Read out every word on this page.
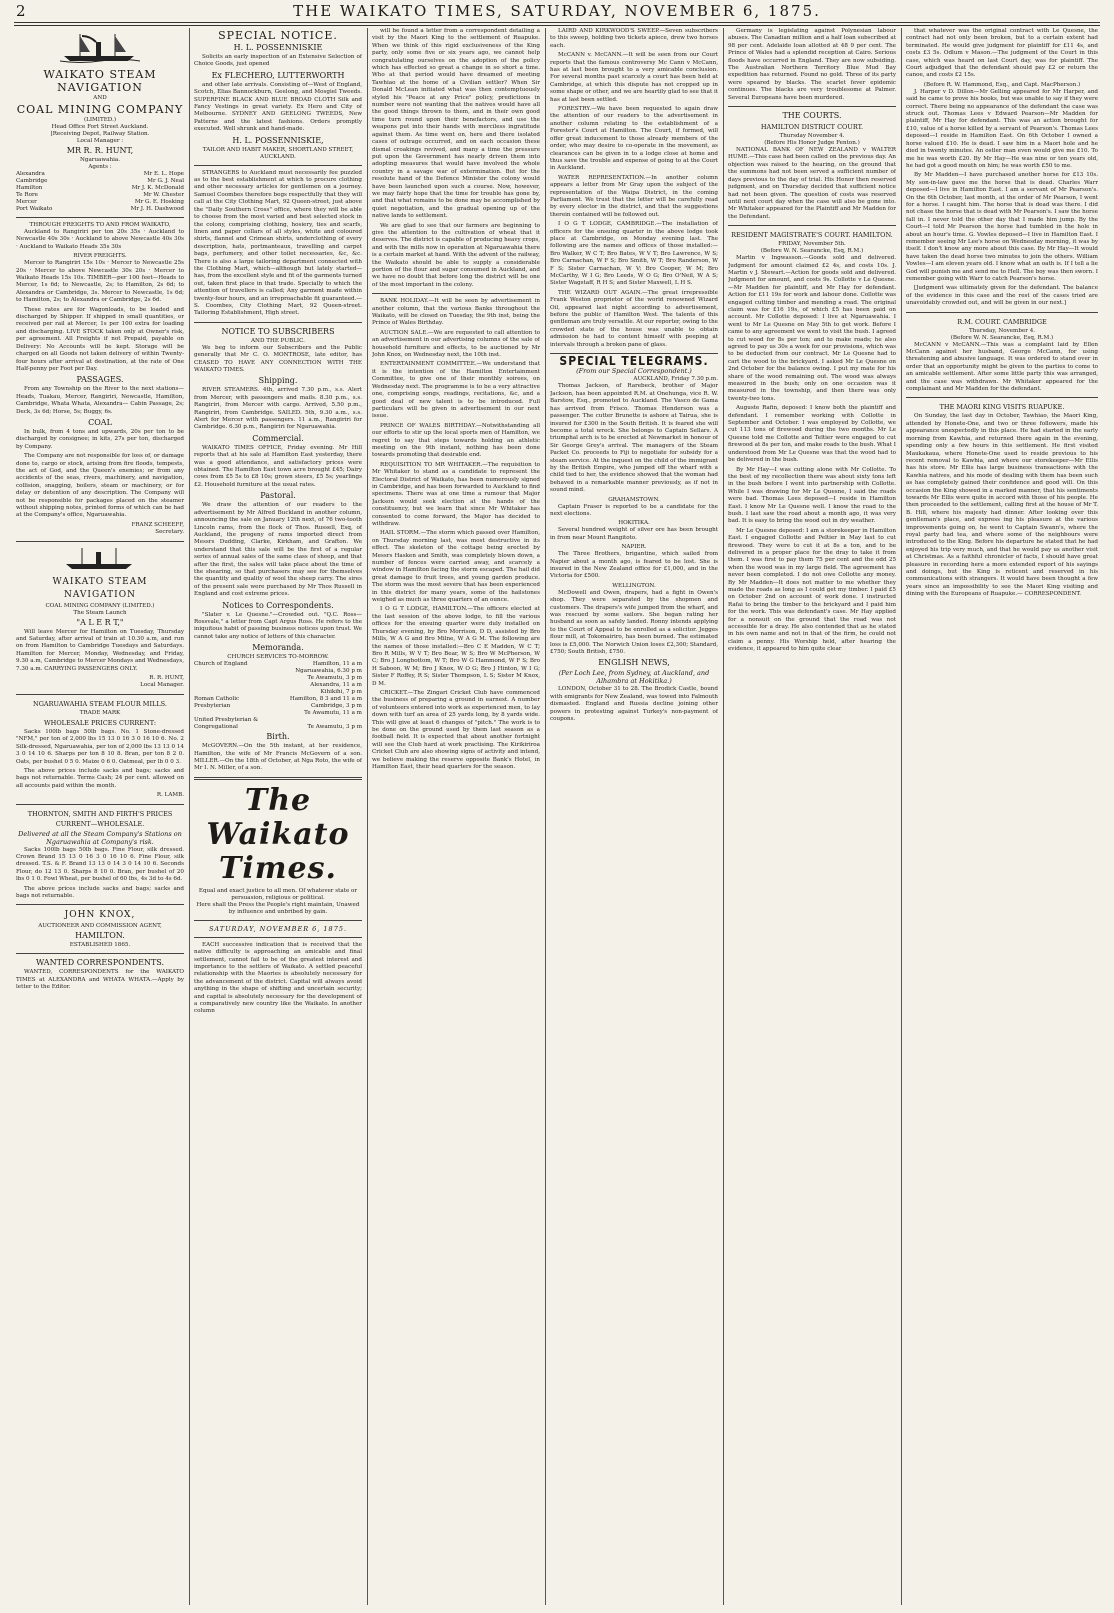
2	THE WAIKATO TIMES, SATURDAY, NOVEMBER 6, 1875.
WAIKATO STEAM NAVIGATION
AND
COAL MINING COMPANY
(LIMITED.)
Head Office Fort Street Auckland.
[Receiving Depot, Railway Station.
Local Manager :
MR R. R. HUNT,
Ngaruawahia.
Agents :
Alexandra	Mr E. L. Hope
Cambridge	Mr G. J. Neal
Hamilton	Mr J. K. McDonald
Te Rore	Mr W. Chester
Mercer	Mr G. E. Hosking
Port Waikato	Mr J. H. Dashwood
THROUGH FREIGHTS TO AND FROM WAIKATO,

Auckland to Rangiriri per ton 20s 35s · Auckland to Newcastle 40s 30s · Auckland to above Newcastle 40s 30s · Auckland to Waikato Heads 35s 30s

RIVER FREIGHTS.

Mercer to Rangiriri 15s 10s · Mercer to Newcastle 25s 20s · Mercer to above Newcastle 30s 20s · Mercer to Waikato Heads 15s 10s. TIMBER—per 100 feet—Heads to Mercer, 1s 6d; to Newcastle, 2s; to Hamilton, 2s 6d; to Alexandra or Cambridge, 3s. Mercer to Newcastle, 1s 6d; to Hamilton, 2s; to Alexandra or Cambridge, 2s 6d.

These rates are for Wagonloads, to be loaded and discharged by Shipper. If shipped in small quantities, or received per rail at Mercer, 1s per 100 extra for loading and discharging. LIVE STOCK taken only at Owner's risk, per agreement. All Freights if not Prepaid, payable on Delivery: No Accounts will be kept. Storage will be charged on all Goods not taken delivery of within Twenty-four hours after arrival at destination, at the rate of One Half-penny per Foot per Day.

PASSAGES.

From any Township on the River to the next stations—Heads, Tuakau, Mercer, Rangiriri, Newcastle, Hamilton, Cambridge, Whata Whata, Alexandra— Cabin Passage, 2s; Deck, 3s 6d; Horse, 5s; Buggy, 6s.

COAL

In bulk, from 4 tons and upwards, 20s per ton to be discharged by consignee; in kits, 27s per ton, discharged by Company.

The Company are not responsible for loss of, or damage done to, cargo or stock, arising from fire floods, tempests, the act of God, and the Queen's enemies; or from any accidents of the seas, rivers, machinery, and navigation, collision, snagging, boilers, steam or machinery, or for delay or detention of any description. The Company will not be responsible for packages placed on the steamer without shipping notes, printed forms of which can be had at the Company's office, Ngaruawahia.

FRANZ SCHEEFF,
Secretary.
WAIKATO STEAM NAVIGATION
COAL MINING COMPANY (LIMITED.)
The Steam Launch
"A L E R T,"

Will leave Mercer for Hamilton on Tuesday, Thursday and Saturday, after arrival of train at 10.30 a.m, and run on from Hamilton to Cambridge Tuesdays and Saturdays. Hamilton for Mercer, Monday, Wednesday, and Friday, 9.30 a.m, Cambridge to Mercer Mondays and Wednesdays, 7.30 a.m. CARRYING PASSENGERS ONLY.

R. R. HUNT,
Local Manager.
NGARUAWAHIA STEAM FLOUR MILLS.
TRADE MARK
WHOLESALE PRICES CURRENT:

Sacks 100lb bags 50lb bags. No. 1 Stone-dressed "NFM," per ton of 2,000 lbs 15 13 0 16 3 0 16 10 6. No. 2 Silk-dressed, Ngaruawahia, per ton of 2,000 lbs 13 13 0 14 3 0 14 10 6. Sharps per ton 8 10 8. Bran, per ton 8 2 0. Oats, per bushel 0 5 0. Maize 0 6 0. Oatmeal, per lb 0 0 3.

The above prices include sacks and bags; sacks and bags not returnable. Terms Cash; 24 per cent. allowed on all accounts paid within the month.

R. LAMB.
THORNTON, SMITH AND FIRTH'S PRICES CURRENT—WHOLESALE.
Delivered at all the Steam Company's Stations on Ngaruawahia at Company's risk.

Sacks 100lb bags 50lb bags. Fine Flour, silk dressed. Crown Brand 15 13 0 16 3 0 16 10 6. Fine Flour, silk dressed. T.S. & F. Brand 13 13 0 14 3 0 14 10 6. Seconds Flour, do 12 13 0. Sharps 8 10 0. Bran, per bushel of 20 lbs 0 1 0. Fowl Wheat, per bushel of 60 lbs, 4s 3d to 4s 6d.

The above prices include sacks and bags; sacks and bags not returnable.

JOHN KNOX,
AUCTIONEER AND COMMISSION AGENT,
HAMILTON.
ESTABLISHED 1865.
WANTED CORRESPONDENTS.

WANTED, CORRESPONDENTS for the WAIKATO TIMES at ALEXANDRA and WHATA WHATA.—Apply by letter to the Editor.

SPECIAL NOTICE.
H. L. POSSENNISKIE

Solicits an early inspection of an Extensive Selection of Choice Goods, just opened

Ex FLECHERO, LUTTERWORTH

and other late arrivals. Consisting of—West of England, Scotch, Elias Bannockburn, Geelong, and Mosgiel Tweeds. SUPERFINE BLACK AND BLUE BROAD CLOTH Silk and Fancy Vestings in great variety. Ex Hero and City of Melbourne. SYDNEY AND GEELONG TWEEDS, New Patterns and the latest fashions. Orders promptly executed. Well shrunk and hand-made.

H. L. POSSENNISKIE,
TAILOR AND HABIT MAKER, SHORTLAND STREET,
AUCKLAND.

STRANGERS to Auckland must necessarily fee puzzled as to the best establishment at which to procure clothing and other necessary articles for gentlemen on a journey. Samuel Coombes therefore begs respectfully that they will call at the City Clothing Mart, 92 Queen-street, just above the "Daily Southern Cross" office, where they will be able to choose from the most varied and best selected stock in the colony, comprising clothing, hosiery, ties and scarfs, linen and paper collars of all styles, white and coloured shirts, flannel and Crimean shirts, underclothing of every description, hats, portmanteaux, travelling and carpet bags, perfumery, and other toilet necessaries, &c, &c. There is also a large tailoring department connected with the Clothing Mart, which—although but lately started—has, from the excellent style and fit of the garments turned out, taken first place in that trade. Specially to which the attention of travellers is called; Any garment made within twenty-four hours, and an irreproachable fit guaranteed.—S. Coombes, City Clothing Mart, 92 Queen-street. Tailoring Establishment, High street.

NOTICE TO SUBSCRIBERS
AND THE PUBLIC.

We beg to inform our Subscribers and the Public generally that Mr C. O. MONTROSE, late editor, has CEASED TO HAVE ANY CONNECTION WITH THE WAIKATO TIMES.

Shipping.

RIVER STEAMERS. 4th, arrived 7.30 p.m., s.s. Alert from Mercer, with passengers and mails. 8.30 p.m., s.s. Rangiriri, from Mercer with cargo. Arrived, 5.50 p.m., Rangiriri, from Cambridge. SAILED. 5th, 9.30 a.m., s.s. Alert for Mercer with passengers. 11 a.m., Rangiriri for Cambridge. 6.30 p.m., Rangiriri for Ngaruawahia.

Commercial.

WAIKATO TIMES OFFICE, Friday evening. Mr Hill reports that at his sale at Hamilton East yesterday, there was a good attendance, and satisfactory prices were obtained. The Hamilton East town acre brought £45; Dairy cows from £5 5s to £8 10s; grown steers, £5 5s; yearlings £2. Household furniture at the usual rates.

Pastoral.

We draw the attention of our readers to the advertisement by Mr Alfred Buckland in another column, announcing the sale on January 12th next, of 76 two-tooth Lincoln rams, from the flock of Thos. Russell, Esq, of Auckland, the progeny of rams imported direct from Messrs Dudding, Clarke, Kirkham, and Grafton. We understand that this sale will be the first of a regular series of annual sales of the same class of sheep, and that after the first, the sales will take place about the time of the shearing, so that purchasers may see for themselves the quantity and quality of wool the sheep carry. The sires of the present sale were purchased by Mr Thos Russell in England and cost extreme prices.

Notices to Correspondents.

"Slater v. Le Quesne."—Crowded out. "Q.C. Ross—Rossvale," a letter from Capt Argus Ross. He refers to the iniquitous habit of passing business notices upon trust. We cannot take any notice of letters of this character.

Memoranda.
CHURCH SERVICES TO-MORROW.
Church of England	Hamilton, 11 a m
Ngaruawahia, 6.30 p m
Te Awamutu, 3 p m
Alexandra, 11 a m
Kihikihi, 7 p m
Roman Catholic	Hamilton, 8 3 and 11 a m
Presbyterian	Cambridge, 3 p m
Te Awamutu, 11 a m
United Presbyterian &
Congregational	Te Awamutu, 3 p m
Birth.

McGOVERN.—On the 5th instant, at her residence, Hamilton, the wife of Mr Francis McGovern of a son. MILLER.—On the 18th of October, at Nga Roto, the wife of Mr I. N. Miller, of a son.

The Waikato Times.
Equal and exact justice to all men. Of whatever state or persuasion, religious or political.
Here shall the Press the People's right maintain, Unawed by influence and unbribed by gain.
SATURDAY, NOVEMBER 6, 1875.

EACH successive indication that is received that the native difficulty is approaching an amicable and final settlement, cannot fail to be of the greatest interest and importance to the settlers of Waikato. A settled peaceful relationship with the Maories is absolutely necessary for the advancement of the district. Capital will always avoid anything in the shape of shifting and uncertain security; and capital is absolutely necessary for the development of a comparatively new country like the Waikato. In another column

will be found a letter from a correspondent detailing a visit by the Maori King to the settlement of Ruapuke. When we think of this rigid exclusiveness of the King party, only some five or six years ago, we cannot help congratulating ourselves on the adoption of the policy which has effected so great a change in so short a time. Who at that period would have dreamed of meeting Tawhiao at the home of a Civilian settler? When Sir Donald McLean initiated what was then contemptuously styled his "Peace at any Price" policy, predictions in number were not wanting that the natives would have all the good things thrown to them, and in their own good time turn round upon their benefactors, and use the weapons put into their hands with merciless ingratitude against them. As time went on, here and there isolated cases of outrage occurred, and on each occasion these dismal croakings revived, and many a time the pressure put upon the Government has nearly driven them into adopting measures that would have involved the whole country in a savage war of extermination. But for the resolute hand of the Defence Minister the colony would have been launched upon such a course. Now, however, we may fairly hope that the time for trouble has gone by, and that what remains to be done may be accomplished by quiet negotiation, and the gradual opening up of the native lands to settlement.

We are glad to see that our farmers are beginning to give the attention to the cultivation of wheat that it deserves. The district is capable of producing heavy crops, and with the mills now in operation at Ngaruawahia there is a certain market at hand. With the advent of the railway, the Waikato should be able to supply a considerable portion of the flour and sugar consumed in Auckland, and we have no doubt that before long the district will be one of the most important in the colony.

BANK HOLIDAY.—It will be seen by advertisement in another column, that the various Banks throughout the Waikato, will be closed on Tuesday, the 9th inst, being the Prince of Wales Birthday.

AUCTION SALE.—We are requested to call attention to an advertisement in our advertising columns of the sale of household furniture and effects, to be auctioned by Mr John Knox, on Wednesday next, the 10th inst.

ENTERTAINMENT COMMITTEE.—We understand that it is the intention of the Hamilton Entertainment Committee, to give one of their monthly soirees, on Wednesday next. The programme is to be a very attractive one, comprising songs, readings, recitations, &c, and a good deal of new talent is to be introduced. Full particulars will be given in advertisement in our next issue.

PRINCE OF WALES BIRTHDAY.—Notwithstanding all our efforts to stir up the local sports men of Hamilton, we regret to say that steps towards holding an athletic meeting on the 9th instant, nothing has been done towards promoting that desirable end.

REQUISITION TO MR WHITAKER.—The requisition to Mr Whitaker to stand as a candidate to represent the Electoral District of Waikato, has been numerously signed in Cambridge, and has been forwarded to Auckland to find specimens. There was at one time a rumour that Major Jackson would seek election at the hands of the constituency, but we learn that since Mr Whitaker has consented to come forward, the Major has decided to withdraw.

HAIL STORM.—The storm which passed over Hamilton, on Thursday morning last, was most destructive in its effect. The skeleton of the cottage being erected by Messrs Hasken and Smith, was completely blown down, a number of fences were carried away, and scarcely a window in Hamilton facing the storm escaped. The hail did great damage to fruit trees, and young garden produce. The storm was the most severe that has been experienced in this district for many years, some of the hailstones weighed as much as three quarters of an ounce.

I O G T LODGE, HAMILTON.—The officers elected at the last session of the above lodge, to fill the various offices for the ensuing quarter were duly installed on Thursday evening, by Bro Morrison, D D, assisted by Bro Mills, W A G and Bro Milne, W A G M. The following are the names of those installed:—Bro C E Madden, W C T; Bro R Mills, W V T; Bro Bear, W S; Bro W McPherson, W C; Bro J Longbottom, W T; Bro W G Hammond, W F S; Bro H Saboon, W M; Bro J Knox, W O G; Bro J Hinton, W I G; Sister F Roffey, R S; Sister Thompson, L S; Sister M Knox, D M.

CRICKET.—The Zingari Cricket Club have commenced the business of preparing a ground in earnest. A number of volunteers entered into work as experienced men, to lay down with turf an area of 25 yards long, by 8 yards wide. This will give at least 6 changes of "pitch." The work is to be done on the ground used by them last season as a football field. It is expected that about another fortnight will see the Club hard at work practising. The Kirikiriroa Cricket Club are also showing signs of activity and intend, we believe making the reserve opposite Bank's Hotel, in Hamilton East, their head quarters for the season.

LAIRD AND KIRKWOOD'S SWEEP.—Seven subscribers to this sweep, holding two tickets apiece, drew two horses each.

McCANN v. McCANN.—It will be seen from our Court reports that the famous controversy Mc Cann v McCann, has at last been brought to a very amicable conclusion. For several months past scarcely a court has been held at Cambridge, at which this dispute has not cropped up in some shape or other, and we are heartily glad to see that it has at last been settled.

FORESTRY.—We have been requested to again draw the attention of our readers to the advertisement in another column relating to the establishment of a Forester's Court at Hamilton. The Court, if formed, will offer great inducement to those already members of the order, who may desire to co-operate in the movement, as clearances can be given in to a lodge close at home and thus save the trouble and expense of going to at the Court in Auckland.

WATER REPRESENTATION.—In another column appears a letter from Mr Gray upon the subject of the representation of the Waipa District, in the coming Parliament. We trust that the letter will be carefully read by every elector in the district, and that the suggestions therein contained will be followed out.

I O G T LODGE, CAMBRIDGE.—The installation of officers for the ensuing quarter in the above lodge took place at Cambridge, on Monday evening last. The following are the names and offices of those installed:—Bro Walker, W C T; Bro Bates, W V T; Bro Lawrence, W S; Bro Carnachan, W F S; Bro Smith, W T; Bro Randerson, W F S; Sister Carnachan, W V; Bro Cooper, W M; Bro McCarthy, W I G; Bro Leeds, W O G; Bro O'Neil, W A S; Sister Wagstaff, R H S; and Sister Maxwell, L H S.

THE WIZARD OUT AGAIN.—The great irrepressible Frank Weston proprietor of the world renowned Wizard Oil, appeared last night according to advertisement, before the public of Hamilton West. The talents of this gentleman are truly versatile. At our reporter, owing to the crowded state of the house was unable to obtain admission he had to content himself with peeping at intervals through a broken pane of glass.

SPECIAL TELEGRAMS.
(From our Special Correspondent.)
AUCKLAND, Friday 7.30 p.m.

Thomas Jackson, of Rarebeck, brother of Major Jackson, has been appointed R.M. at Onehunga, vice R. W. Barstow, Esq., promoted to Auckland. The Vasco de Gama has arrived from Frisco. Thomas Henderson was a passenger. The cutter Brunette is ashore at Tairua, she is insured for £300 in the South British. It is feared she will become a total wreck. She belongs to Captain Sellars. A triumphal arch is to be erected at Newmarket in honour of Sir George Grey's arrival. The managers of the Steam Packet Co. proceeds to Fiji to negotiate for subsidy for a steam service. At the inquest on the child of the immigrant by the British Empire, who jumped off the wharf with a child tied to her, the evidence showed that the woman had behaved in a remarkable manner previously, as if not in sound mind.

GRAHAMSTOWN.

Captain Fraser is reported to be a candidate for the next elections.

HOKITIKA.

Several hundred weight of silver ore has been brought in from near Mount Rangitoto.

NAPIER.

The Three Brothers, brigantine, which sailed from Napier about a month ago, is feared to be lost. She is insured in the New Zealand office for £1,000, and in the Victoria for £500.

WELLINGTON.

McDowell and Owen, drapers, had a fight in Owen's shop. They were separated by the shopmen and customers. The drapers's wife jumped from the wharf, and was rescued by some sailors. She began rating her husband as soon as safely landed. Ronny intends applying to the Court of Appeal to be enrolled as a solicitor. Jegges flour mill, at Tokomairiro, has been burned. The estimated loss is £5,000. The Norwich Union loses £2,300; Standard, £750; South British, £750.

ENGLISH NEWS,
(Per Loch Lee, from Sydney, at Auckland, and Alhambra at Hokitika.)

LONDON, October 31 to 28. The Brodick Castle, bound with emigrants for New Zealand, was towed into Falmouth dismasted. England and Russia decline joining other powers in protesting against Turkey's non-payment of coupons.

Germany is legislating against Polynesian labour abuses. The Canadian million and a half loan subscribed at 98 per cent. Adelaide loan allotted at 48 9 per cent. The Prince of Wales had a splendid reception at Cairo. Serious floods have occurred in England. They are now subsiding. The Australian Northern Territory Blue Mud Bay expedition has returned. Found no gold. Three of its party were speared by blacks. The scarlet fever epidemic continues. The blacks are very troublesome at Palmer. Several Europeans have been murdered.

THE COURTS.
HAMILTON DISTRICT COURT.
Thursday November 4.
(Before His Honor Judge Fenton.)

NATIONAL BANK OF NEW ZEALAND v WALTER HUME.—This case had been called on the previous day. An objection was raised to the hearing, on the ground that the summons had not been served a sufficient number of days previous to the day of trial. His Honor then reserved judgment, and on Thursday decided that sufficient notice had not been given. The question of costs was reserved until next court day when the case will also be gone into. Mr Whitaker appeared for the Plaintiff and Mr Madden for the Defendant.

RESIDENT MAGISTRATE'S COURT. HAMILTON.
FRIDAY, November 5th.
(Before W. N. Searancke, Esq, R.M.)

Martin v Ingwasson.—Goods sold and delivered. Judgment for amount claimed £2 4s, and costs 10s. J. Martin v J. Stewart.—Action for goods sold and delivered. Judgment for amount, and costs 9s. Collotte v Le Quesne.—Mr Madden for plaintiff, and Mr Hay for defendant. Action for £11 19s for work and labour done. Collotte was engaged cutting timber and mending a road. The original claim was for £16 19s, of which £5 has been paid on account. Mr Collotte deposed: I live at Ngaruawahia. I went to Mr Le Quesne on May 5th to get work. Before I came to any agreement we went to visit the bush. I agreed to cut wood for 8s per ton; and to make roads; he also agreed to pay us 30s a week for our provisions, which was to be deducted from our contract. Mr Le Quesne had to cart the wood to the brickyard. I asked Mr Le Quesne on 2nd October for the balance owing. I put my mate for his share of the wood remaining out. The wood was always measured in the bush; only on one occasion was it measured in the township, and then there was only twenty-two tons.

Auguste Rafin, deposed: I know both the plaintiff and defendant. I remember working with Collotte in September and October. I was employed by Collotte, we cut 113 tons of firewood during the two months. Mr Le Quesne told me Collotte and Teltier were engaged to cut firewood at 8s per ton, and make roads to the bush. What I understood from Mr Le Quesne was that the wood had to be delivered in the bush.

By Mr Hay—I was cutting alone with Mr Collotte. To the best of my recollection there was about sixty tons left in the bush before I went into partnership with Collotte. While I was drawing for Mr Le Quesne, I said the roads were bad. Thomas Lees deposed—I reside in Hamilton East. I know Mr Le Quesne well. I know the road to the bush. I last saw the road about a month ago, it was very bad. It is easy to bring the wood out in dry weather.

Mr Le Quesne deposed: I am a storekeeper in Hamilton East. I engaged Collotte and Peltier in May last to cut firewood. They were to cut it at 8s a ton, and to be delivered in a proper place for the dray to take it from them. I was first to pay them 75 per cent and the odd 25 when the wood was in my large field. The agreement has never been completed. I do not owe Collotte any money. By Mr Madden—It does not matter to me whether they made the roads as long as I could get my timber. I paid £5 on October 2nd on account of work done. I instructed Rafai to bring the timber to the brickyard and I paid him for the work. This was defendant's case. Mr Hay applied for a nonsuit on the ground that the road was not accessible for a dray. He also contended that as he stated in his own name and not in that of the firm, he could not claim a penny. His Worship held, after hearing the evidence, it appeared to him quite clear

that whatever was the original contract with Le Quesne, the contract had not only been broken, but to a certain extent had terminated. He would give judgment for plaintiff for £11 4s, and costs £3 5s. Odlum v Mason.—The judgment of the Court in this case, which was heard on last Court day, was for plaintiff. The Court adjudged that the defendant should pay £2 or return the canoe, and costs £2 15s.

(Before R. W. Hammond, Esq., and Capt. MacPherson.)

J. Harper v D. Dillon—Mr Gelling appeared for Mr Harper, and said he came to prove his books, but was unable to say if they were correct. There being no appearance of the defendant the case was struck out. Thomas Lees v Edward Pearson—Mr Madden for plaintiff, Mr Hay for defendant. This was an action brought for £10, value of a horse killed by a servant of Pearson's. Thomas Lees deposed—I reside in Hamilton East. On 6th October I owned a horse valued £10. He is dead. I saw him in a Maori hole and he died in twenty minutes. An ostler man even would give me £10. To me he was worth £20. By Mr Hay—He was nine or ten years old, he had got a good mouth on him; he was worth £50 to me.

By Mr Madden—I have purchased another horse for £13 10s. My son-in-law gave me the horse that is dead. Charles Warr deposed—I live in Hamilton East. I am a servant of Mr Pearson's. On the 6th October, last month, at the order of Mr Pearson, I went for a horse. I caught him. The horse that is dead was there. I did not chase the horse that is dead with Mr Pearson's. I saw the horse fall in. I never told the other day that I made him jump. By the Court—I told Mr Pearson the horse had tumbled in the hole in about an hour's time. G. Vowles deposed—I live in Hamilton East. I remember seeing Mr Lee's horse on Wednesday morning, it was by itself. I don't know any more about this case. By Mr Hay—It would have taken the dead horse two minutes to join the others. William Vowles—I am eleven years old. I know what an oath is. If I tell a lie God will punish me and send me to Hell. The boy was then sworn. I remember going with Warr to catch Pearson's horse.

[Judgment was ultimately given for the defendant. The balance of the evidence in this case and the rest of the cases tried are unavoidably crowded out, and will be given in our next.]

R.M. COURT. CAMBRIDGE
Thursday, November 4.
(Before W. N. Searancke, Esq, R.M.)

McCANN v McCANN.—This was a complaint laid by Ellen McCann against her husband, George McCann, for using threatening and abusive language. It was ordered to stand over in order that an opportunity might be given to the parties to come to an amicable settlement. After some little party this was arranged, and the case was withdrawn. Mr Whitaker appeared for the complainant and Mr Madden for the defendant.

THE MAORI KING VISITS RUAPUKE.

On Sunday, the last day in October, Tawhiao, the Maori King, attended by Honete-One, and two or three followers, made his appearance unexpectedly in this place. He had started in the early morning from Kawhia, and returned there again in the evening, spending only a few hours in this settlement. He first visited Maukakaua, where Honete-One used to reside previous to his recent removal to Kawhia, and where our storekeeper—Mr Ellis has his store. Mr Ellis has large business transactions with the Kawhia natives, and his mode of dealing with them has been such as has completely gained their confidence and good will. On this occasion the King showed in a marked manner, that his sentiments towards Mr Ellis were quite in accord with those of his people. He then proceeded to the settlement, calling first at the house of Mr T. B. Hill, where his majesty had dinner. After looking over this gentleman's place, and express ing his pleasure at the various improvements going on, he went to Captain Swann's, where the royal party had tea, and where some of the neighbours were introduced to the King. Before his departure he stated that he had enjoyed his trip very much, and that he would pay us another visit at Christmas. As a faithful chronicler of facts, I should have great pleasure in recording here a more extended report of his sayings and doings, but the King is reticent and reserved in his communications with strangers. It would have been thought a few years since an impossibility to see the Maori King visiting and dining with the Europeans of Ruapuke.— CORRESPONDENT.
